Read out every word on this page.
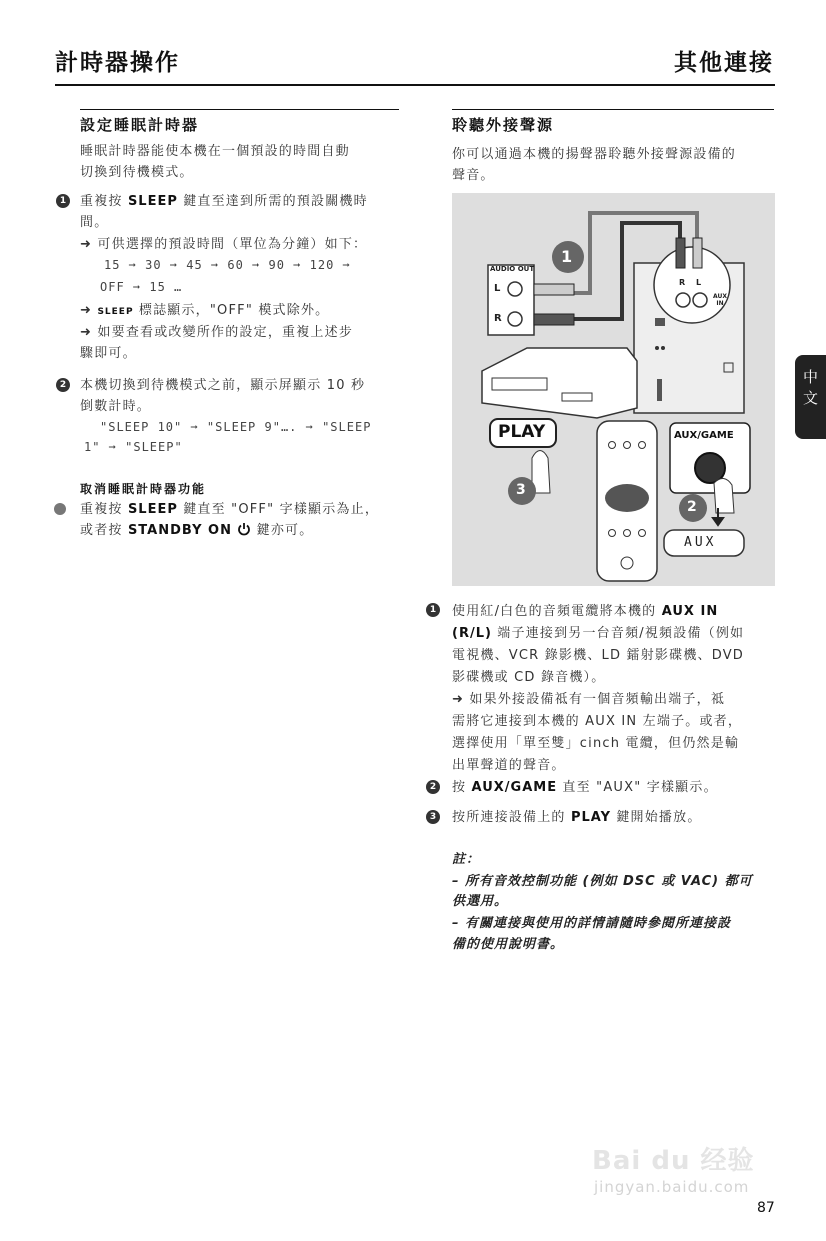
計時器操作	其他連接
設定睡眠計時器
睡眠計時器能使本機在一個預設的時間自動
切換到待機模式。
1 重複按 SLEEP 鍵直至達到所需的預設關機時
間。
➜ 可供選擇的預設時間（單位為分鐘）如下：
15 ➞ 30 ➞ 45 ➞ 60 ➞ 90 ➞ 120 ➞
OFF ➞ 15 …
➜ SLEEP 標誌顯示，"OFF" 模式除外。
➜ 如要查看或改變所作的設定，重複上述步
驟即可。
2 本機切換到待機模式之前，顯示屏顯示 10 秒
倒數計時。
"SLEEP 10" ➞ "SLEEP 9"…. ➞ "SLEEP
1" ➞ "SLEEP"
取消睡眠計時器功能
重複按 SLEEP 鍵直至 "OFF" 字樣顯示為止，
或者按 STANDBY ON  鍵亦可。
聆聽外接聲源
你可以通過本機的揚聲器聆聽外接聲源設備的
聲音。
AUDIO OUT
L
R
R L
AUX IN
1
3
2
PLAY	AUX/GAME
AUX
1 使用紅/白色的音頻電纜將本機的 AUX IN
(R/L) 端子連接到另一台音頻/視頻設備（例如
電視機、VCR 錄影機、LD 鐳射影碟機、DVD
影碟機或 CD 錄音機）。
➜ 如果外接設備祗有一個音頻輸出端子，祗
需將它連接到本機的 AUX IN 左端子。或者，
選擇使用「單至雙」cinch 電纜，但仍然是輸
出單聲道的聲音。
2 按 AUX/GAME 直至 "AUX" 字樣顯示。
3 按所連接設備上的 PLAY 鍵開始播放。
註：
– 所有音效控制功能 (例如 DSC 或 VAC) 都可
供選用。
– 有關連接與使用的詳情請隨時參閱所連接設
備的使用說明書。
中文
Bai du 经验
jingyan.baidu.com
87
